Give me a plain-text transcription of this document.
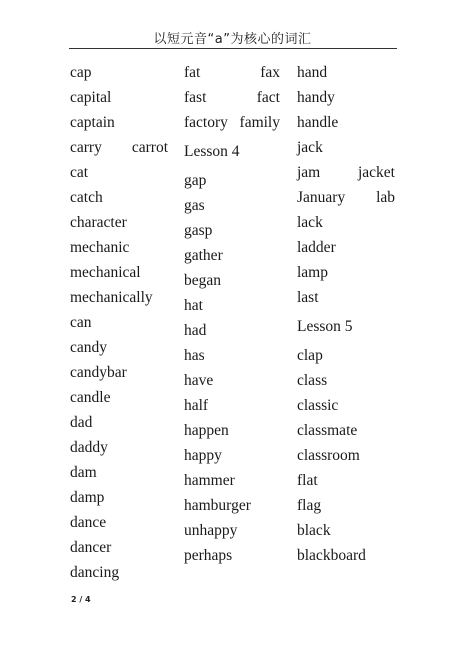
以短元音“a”为核心的词汇
cap
capital
captain
carry carrot
cat
catch
character
mechanic
mechanical
mechanically
can
candy
candybar
candle
dad
daddy
dam
damp
dance
dancer
dancing
fat	fax
fast	fact
factory family
Lesson 4
gap
gas
gasp
gather
began
hat
had
has
have
half
happen
happy
hammer
hamburger
unhappy
perhaps
hand
handy
handle
jack
jam jacket
January lab
lack
ladder
lamp
last
Lesson 5
clap
class
classic
classmate
classroom
flat
flag
black
blackboard
2 / 4
